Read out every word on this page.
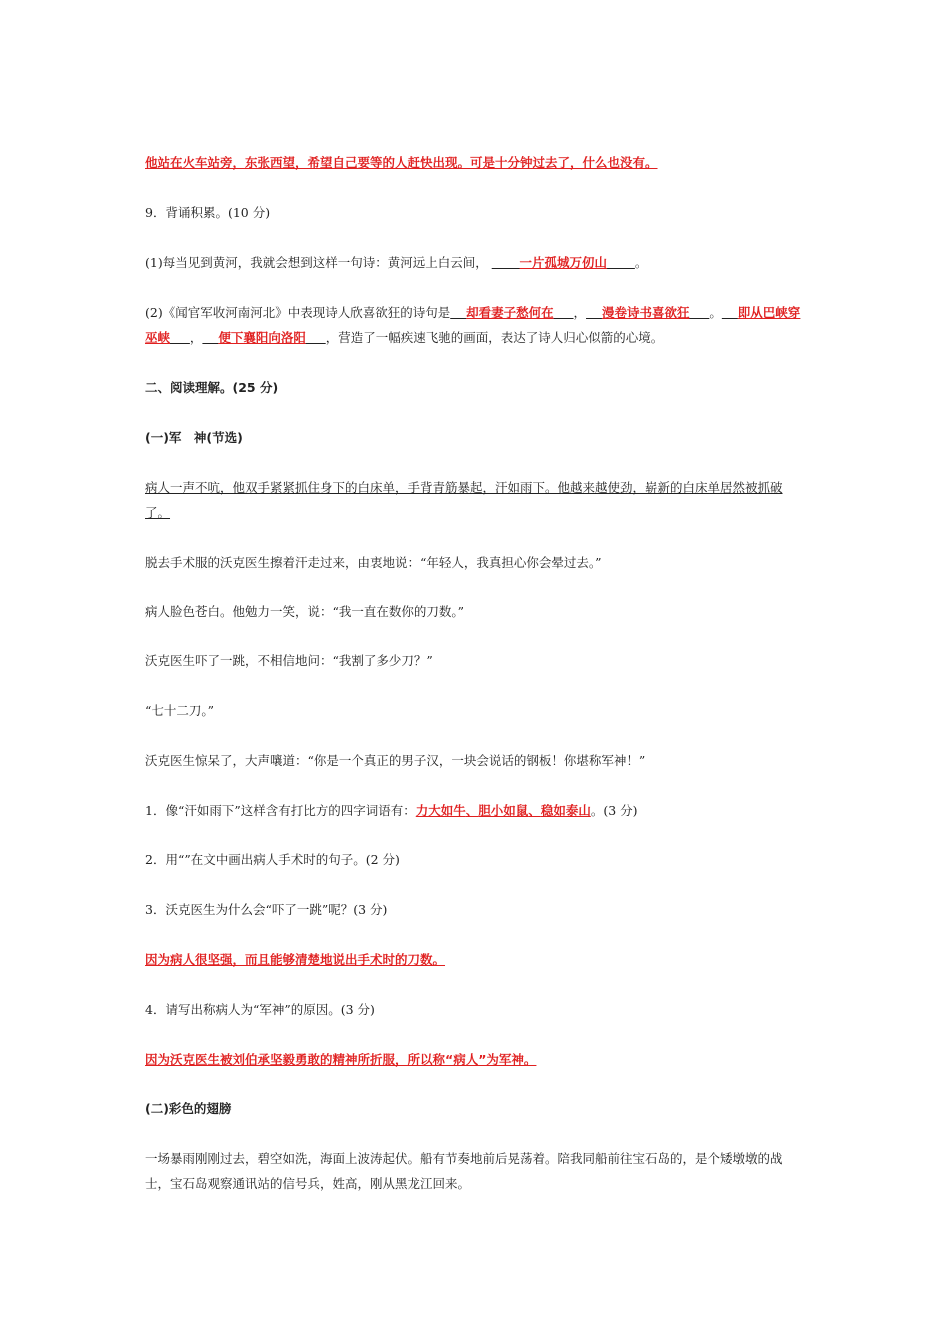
他站在火车站旁，东张西望，希望自己要等的人赶快出现。可是十分钟过去了，什么也没有。
9．背诵积累。(10 分)
(1)每当见到黄河，我就会想到这样一句诗：黄河远上白云间，	一片孤城万仞山 。
(2)《闻官军收河南河北》中表现诗人欣喜欲狂的诗句是 却看妻子愁何在 ， 漫卷诗书喜欲狂 。 即从巴峡穿巫峡 ， 便下襄阳向洛阳 ，营造了一幅疾速飞驰的画面，表达了诗人归心似箭的心境。
二、阅读理解。(25 分)
(一)军　神(节选)
病人一声不吭，他双手紧紧抓住身下的白床单，手背青筋暴起，汗如雨下。他越来越使劲，崭新的白床单居然被抓破了。
脱去手术服的沃克医生擦着汗走过来，由衷地说：“年轻人，我真担心你会晕过去。”
病人脸色苍白。他勉力一笑，说：“我一直在数你的刀数。”
沃克医生吓了一跳，不相信地问：“我割了多少刀？”
“七十二刀。”
沃克医生惊呆了，大声嚷道：“你是一个真正的男子汉，一块会说话的钢板！你堪称军神！”
1．像“汗如雨下”这样含有打比方的四字词语有：力大如牛、胆小如鼠、稳如泰山。(3 分)
2．用“”在文中画出病人手术时的句子。(2 分)
3．沃克医生为什么会“吓了一跳”呢？(3 分)
因为病人很坚强，而且能够清楚地说出手术时的刀数。
4．请写出称病人为“军神”的原因。(3 分)
因为沃克医生被刘伯承坚毅勇敢的精神所折服，所以称“病人”为军神。
(二)彩色的翅膀
一场暴雨刚刚过去，碧空如洗，海面上波涛起伏。船有节奏地前后晃荡着。陪我同船前往宝石岛的，是个矮墩墩的战士，宝石岛观察通讯站的信号兵，姓高，刚从黑龙江回来。
